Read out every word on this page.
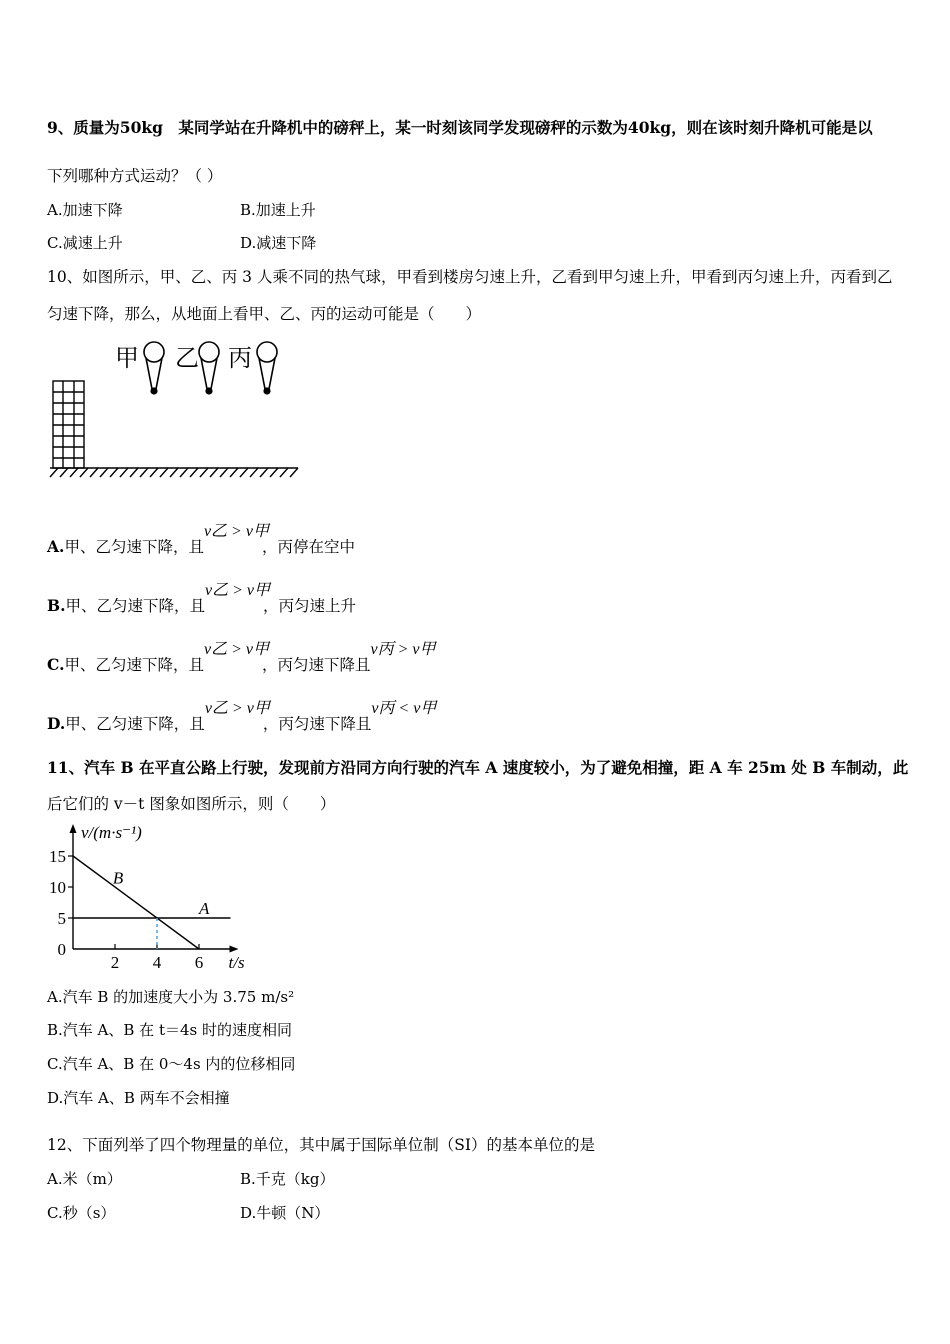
9、质量为50kg　某同学站在升降机中的磅秤上，某一时刻该同学发现磅秤的示数为40kg，则在该时刻升降机可能是以
下列哪种方式运动？（ ）
A.加速下降	B.加速上升
C.减速上升	D.减速下降
10、如图所示，甲、乙、丙 3 人乘不同的热气球，甲看到楼房匀速上升，乙看到甲匀速上升，甲看到丙匀速上升，丙看到乙
匀速下降，那么，从地面上看甲、乙、丙的运动可能是（　　）
甲 乙 丙
A.甲、乙匀速下降，且
v乙 > v甲
，丙停在空中
B.甲、乙匀速下降，且
v乙 > v甲
，丙匀速上升
C.甲、乙匀速下降，且
v乙 > v甲
，丙匀速下降且
v丙 > v甲
D.甲、乙匀速下降，且
v乙 > v甲
，丙匀速下降且
v丙 < v甲
11、汽车 B 在平直公路上行驶，发现前方沿同方向行驶的汽车 A 速度较小，为了避免相撞，距 A 车 25m 处 B 车制动，此
后它们的 v－t 图象如图所示，则（　　）
v/(m·s⁻¹)
t/s
0
5
10
15
2 4 6
B
A
A.汽车 B 的加速度大小为 3.75 m/s²
B.汽车 A、B 在 t＝4s 时的速度相同
C.汽车 A、B 在 0～4s 内的位移相同
D.汽车 A、B 两车不会相撞
12、下面列举了四个物理量的单位，其中属于国际单位制（SI）的基本单位的是
A.米（m）	B.千克（kg）
C.秒（s）	D.牛顿（N）
